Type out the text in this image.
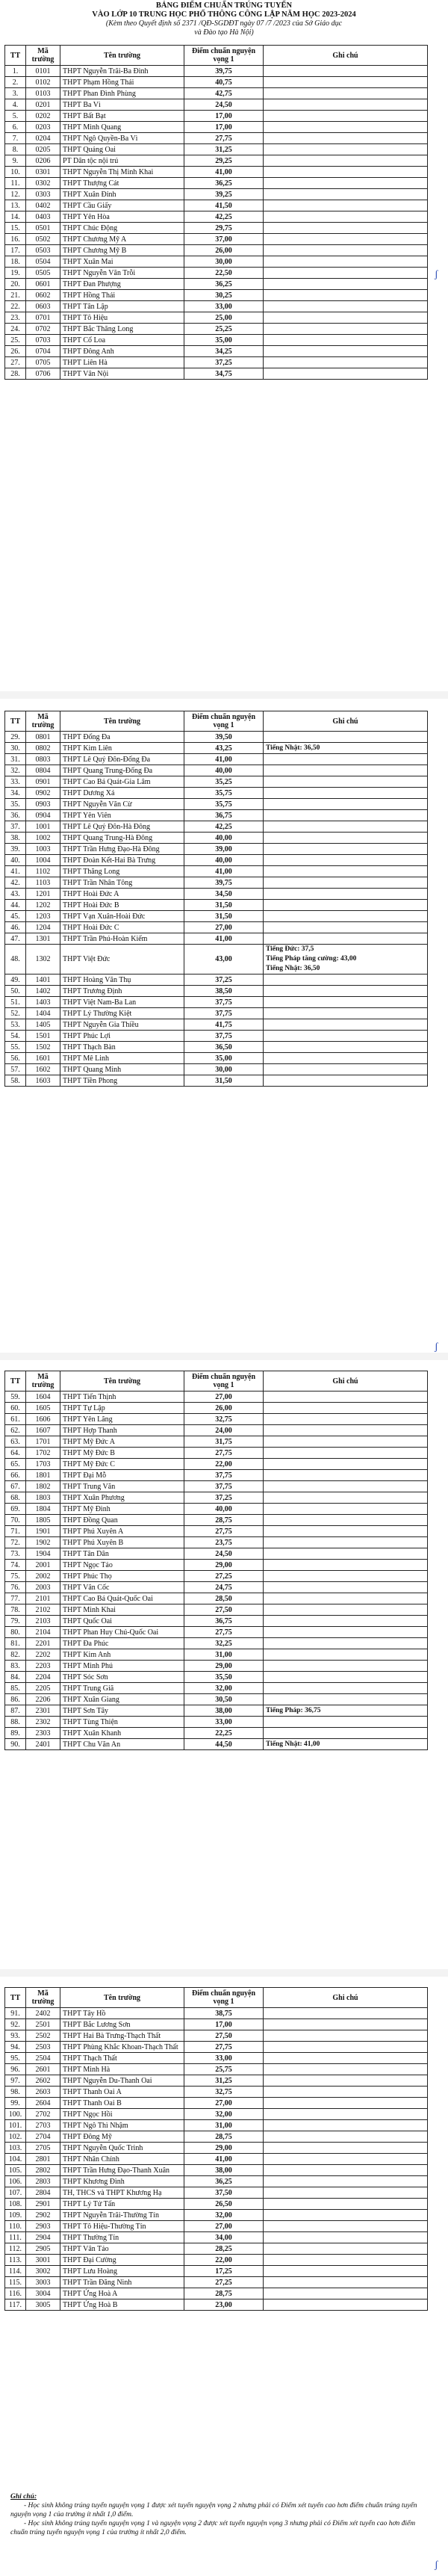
BẢNG ĐIỂM CHUẨN TRÚNG TUYỂN
VÀO LỚP 10 TRUNG HỌC PHỔ THÔNG CÔNG LẬP NĂM HỌC 2023-2024
(Kèm theo Quyết định số 2371 /QĐ-SGDĐT ngày 07 /7 /2023 của Sở Giáo dục
và Đào tạo Hà Nội)
TT	Mã trường	Tên trường	Điểm chuẩn nguyện vọng 1	Ghi chú
1.	0101	THPT Nguyễn Trãi-Ba Đình	39,75	
2.	0102	THPT Phạm Hồng Thái	40,75	
3.	0103	THPT Phan Đình Phùng	42,75	
4.	0201	THPT Ba Vì	24,50	
5.	0202	THPT Bất Bạt	17,00	
6.	0203	THPT Minh Quang	17,00	
7.	0204	THPT Ngô Quyền-Ba Vì	27,75	
8.	0205	THPT Quảng Oai	31,25	
9.	0206	PT Dân tộc nội trú	29,25	
10.	0301	THPT Nguyễn Thị Minh Khai	41,00	
11.	0302	THPT Thượng Cát	36,25	
12.	0303	THPT Xuân Đỉnh	39,25	
13.	0402	THPT Cầu Giấy	41,50	
14.	0403	THPT Yên Hòa	42,25	
15.	0501	THPT Chúc Động	29,75	
16.	0502	THPT Chương Mỹ A	37,00	
17.	0503	THPT Chương Mỹ B	26,00	
18.	0504	THPT Xuân Mai	30,00	
19.	0505	THPT Nguyễn Văn Trỗi	22,50	
20.	0601	THPT Đan Phượng	36,25	
21.	0602	THPT Hồng Thái	30,25	
22.	0603	THPT Tân Lập	33,00	
23.	0701	THPT Tô Hiệu	25,00	
24.	0702	THPT Bắc Thăng Long	25,25	
25.	0703	THPT Cổ Loa	35,00	
26.	0704	THPT Đông Anh	34,25	
27.	0705	THPT Liên Hà	37,25	
28.	0706	THPT Vân Nội	34,75	
TT	Mã trường	Tên trường	Điểm chuẩn nguyện vọng 1	Ghi chú
29.	0801	THPT Đống Đa	39,50	
30.	0802	THPT Kim Liên	43,25	Tiếng Nhật: 36,50
31.	0803	THPT Lê Quý Đôn-Đống Đa	41,00	
32.	0804	THPT Quang Trung-Đống Đa	40,00	
33.	0901	THPT Cao Bá Quát-Gia Lâm	35,25	
34.	0902	THPT Dương Xá	35,75	
35.	0903	THPT Nguyễn Văn Cừ	35,75	
36.	0904	THPT Yên Viên	36,75	
37.	1001	THPT Lê Quý Đôn-Hà Đông	42,25	
38.	1002	THPT Quang Trung-Hà Đông	40,00	
39.	1003	THPT Trần Hưng Đạo-Hà Đông	39,00	
40.	1004	THPT Đoàn Kết-Hai Bà Trưng	40,00	
41.	1102	THPT Thăng Long	41,00	
42.	1103	THPT Trần Nhân Tông	39,75	
43.	1201	THPT Hoài Đức A	34,50	
44.	1202	THPT Hoài Đức B	31,50	
45.	1203	THPT Vạn Xuân-Hoài Đức	31,50	
46.	1204	THPT Hoài Đức C	27,00	
47.	1301	THPT Trần Phú-Hoàn Kiếm	41,00	
48.	1302	THPT Việt Đức	43,00	Tiếng Đức: 37,5
Tiếng Pháp tăng cường: 43,00
Tiếng Nhật: 36,50

49.	1401	THPT Hoàng Văn Thụ	37,25	
50.	1402	THPT Trương Định	38,50	
51.	1403	THPT Việt Nam-Ba Lan	37,75	
52.	1404	THPT Lý Thường Kiệt	37,75	
53.	1405	THPT Nguyễn Gia Thiều	41,75	
54.	1501	THPT Phúc Lợi	37,75	
55.	1502	THPT Thạch Bàn	36,50	
56.	1601	THPT Mê Linh	35,00	
57.	1602	THPT Quang Minh	30,00	
58.	1603	THPT Tiền Phong	31,50	
TT	Mã trường	Tên trường	Điểm chuẩn nguyện vọng 1	Ghi chú
59.	1604	THPT Tiến Thịnh	27,00	
60.	1605	THPT Tự Lập	26,00	
61.	1606	THPT Yên Lãng	32,75	
62.	1607	THPT Hợp Thanh	24,00	
63.	1701	THPT Mỹ Đức A	31,75	
64.	1702	THPT Mỹ Đức B	27,75	
65.	1703	THPT Mỹ Đức C	22,00	
66.	1801	THPT Đại Mỗ	37,75	
67.	1802	THPT Trung Văn	37,75	
68.	1803	THPT Xuân Phương	37,25	
69.	1804	THPT Mỹ Đình	40,00	
70.	1805	THPT Đồng Quan	28,75	
71.	1901	THPT Phú Xuyên A	27,75	
72.	1902	THPT Phú Xuyên B	23,75	
73.	1904	THPT Tân Dân	24,50	
74.	2001	THPT Ngọc Tảo	29,00	
75.	2002	THPT Phúc Thọ	27,25	
76.	2003	THPT Vân Cốc	24,75	
77.	2101	THPT Cao Bá Quát-Quốc Oai	28,50	
78.	2102	THPT Minh Khai	27,50	
79.	2103	THPT Quốc Oai	36,75	
80.	2104	THPT Phan Huy Chú-Quốc Oai	27,75	
81.	2201	THPT Đa Phúc	32,25	
82.	2202	THPT Kim Anh	31,00	
83.	2203	THPT Minh Phú	29,00	
84.	2204	THPT Sóc Sơn	35,50	
85.	2205	THPT Trung Giã	32,00	
86.	2206	THPT Xuân Giang	30,50	
87.	2301	THPT Sơn Tây	38,00	Tiếng Pháp: 36,75
88.	2302	THPT Tùng Thiện	33,00	
89.	2303	THPT Xuân Khanh	22,25	
90.	2401	THPT Chu Văn An	44,50	Tiếng Nhật: 41,00
TT	Mã trường	Tên trường	Điểm chuẩn nguyện vọng 1	Ghi chú
91.	2402	THPT Tây Hồ	38,75	
92.	2501	THPT Bắc Lương Sơn	17,00	
93.	2502	THPT Hai Bà Trưng-Thạch Thất	27,50	
94.	2503	THPT Phùng Khắc Khoan-Thạch Thất	27,75	
95.	2504	THPT Thạch Thất	33,00	
96.	2601	THPT Minh Hà	25,75	
97.	2602	THPT Nguyễn Du-Thanh Oai	31,25	
98.	2603	THPT Thanh Oai A	32,75	
99.	2604	THPT Thanh Oai B	27,00	
100.	2702	THPT Ngọc Hồi	32,00	
101.	2703	THPT Ngô Thì Nhậm	31,00	
102.	2704	THPT Đông Mỹ	28,75	
103.	2705	THPT Nguyễn Quốc Trinh	29,00	
104.	2801	THPT Nhân Chính	41,00	
105.	2802	THPT Trần Hưng Đạo-Thanh Xuân	38,00	
106.	2803	THPT Khương Đình	36,25	
107.	2804	TH, THCS và THPT Khương Hạ	37,50	
108.	2901	THPT Lý Tử Tấn	26,50	
109.	2902	THPT Nguyễn Trãi-Thường Tín	32,00	
110.	2903	THPT Tô Hiệu-Thường Tín	27,00	
111.	2904	THPT Thường Tín	34,00	
112.	2905	THPT Vân Tảo	28,25	
113.	3001	THPT Đại Cường	22,00	
114.	3002	THPT Lưu Hoàng	17,25	
115.	3003	THPT Trần Đăng Ninh	27,25	
116.	3004	THPT Ứng Hoà A	28,75	
117.	3005	THPT Ứng Hoà B	23,00	
Ghi chú:
- Học sinh không trúng tuyển nguyện vọng 1 được xét tuyển nguyện vọng 2 nhưng phải có Điểm xét tuyển cao hơn điểm chuẩn trúng tuyển nguyện vọng 1 của trường ít nhất 1,0 điểm.
- Học sinh không trúng tuyển nguyện vọng 1 và nguyện vọng 2 được xét tuyển nguyện vọng 3 nhưng phải có Điểm xét tuyển cao hơn điểm chuẩn trúng tuyển nguyện vọng 1 của trường ít nhất 2,0 điểm.
ʃ
ʃ
ʃ
